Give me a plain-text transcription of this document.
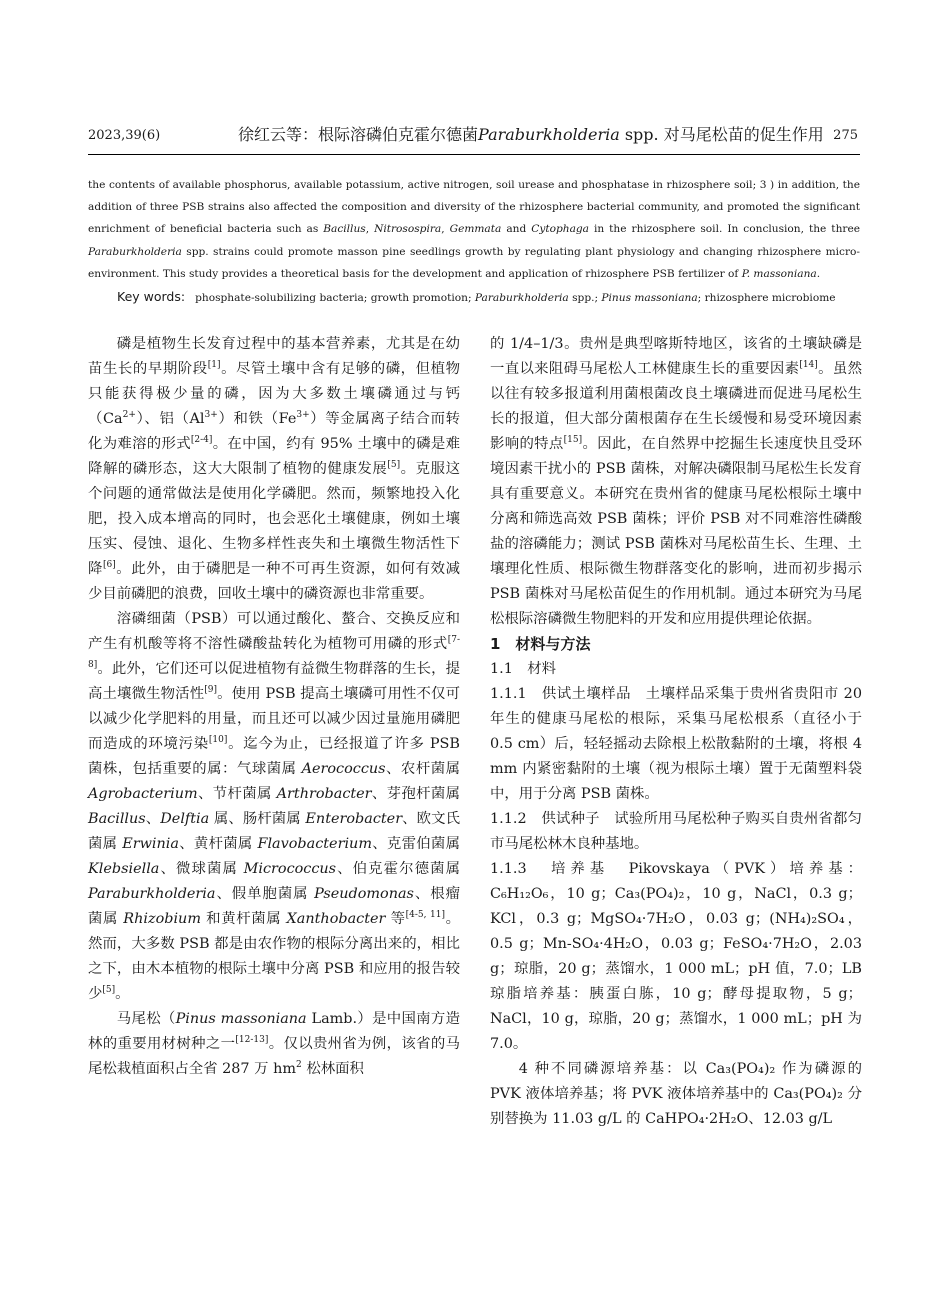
2023,39(6)	徐红云等：根际溶磷伯克霍尔德菌Paraburkholderia spp. 对马尾松苗的促生作用 275

the contents of available phosphorus, available potassium, active nitrogen, soil urease and phosphatase in rhizosphere soil; 3 ) in addition, the addition of three PSB strains also affected the composition and diversity of the rhizosphere bacterial community, and promoted the significant enrichment of beneficial bacteria such as Bacillus, Nitrosospira, Gemmata and Cytophaga in the rhizosphere soil. In conclusion, the three Paraburkholderia spp. strains could promote masson pine seedlings growth by regulating plant physiology and changing rhizosphere micro-environment. This study provides a theoretical basis for the development and application of rhizosphere PSB fertilizer of P. massoniana.

Key words: phosphate-solubilizing bacteria; growth promotion; Paraburkholderia spp.; Pinus massoniana; rhizosphere microbiome

磷是植物生长发育过程中的基本营养素，尤其是在幼苗生长的早期阶段[1]。尽管土壤中含有足够的磷，但植物只能获得极少量的磷，因为大多数土壤磷通过与钙$(Ca^{2+})$、铝$(Al^{3+})$和铁$(Fe^{3+})$等金属离子结合而转化为难溶的形式[2-4]。在中国，约有 95% 土壤中的磷是难降解的磷形态，这大大限制了植物的健康发展[5]。克服这个问题的通常做法是使用化学磷肥。然而，频繁地投入化肥，投入成本增高的同时，也会恶化土壤健康，例如土壤压实、侵蚀、退化、生物多样性丧失和土壤微生物活性下降[6]。此外，由于磷肥是一种不可再生资源，如何有效减少目前磷肥的浪费，回收土壤中的磷资源也非常重要。

溶磷细菌（PSB）可以通过酸化、螯合、交换反应和产生有机酸等将不溶性磷酸盐转化为植物可用磷的形式[7-8]。此外，它们还可以促进植物有益微生物群落的生长，提高土壤微生物活性[9]。使用 PSB 提高土壤磷可用性不仅可以减少化学肥料的用量，而且还可以减少因过量施用磷肥而造成的环境污染[10]。迄今为止，已经报道了许多 PSB 菌株，包括重要的属：气球菌属 Aerococcus、农杆菌属 Agrobacterium、节杆菌属 Arthrobacter、芽孢杆菌属 Bacillus、Delftia 属、肠杆菌属 Enterobacter、欧文氏菌属 Erwinia、黄杆菌属 Flavobacterium、克雷伯菌属 Klebsiella、微球菌属 Micrococcus、伯克霍尔德菌属 Paraburkholderia、假单胞菌属 Pseudomonas、根瘤菌属 Rhizobium 和黄杆菌属 Xanthobacter 等[4-5, 11]。然而，大多数 PSB 都是由农作物的根际分离出来的，相比之下，由木本植物的根际土壤中分离 PSB 和应用的报告较少[5]。

马尾松（Pinus massoniana Lamb.）是中国南方造林的重要用材树种之一[12-13]。仅以贵州省为例，该省的马尾松栽植面积占全省 287 万 $hm^2$ 松林面积

的 1/4–1/3。贵州是典型喀斯特地区，该省的土壤缺磷是一直以来阻碍马尾松人工林健康生长的重要因素[14]。虽然以往有较多报道利用菌根菌改良土壤磷进而促进马尾松生长的报道，但大部分菌根菌存在生长缓慢和易受环境因素影响的特点[15]。因此，在自然界中挖掘生长速度快且受环境因素干扰小的 PSB 菌株，对解决磷限制马尾松生长发育具有重要意义。本研究在贵州省的健康马尾松根际土壤中分离和筛选高效 PSB 菌株；评价 PSB 对不同难溶性磷酸盐的溶磷能力；测试 PSB 菌株对马尾松苗生长、生理、土壤理化性质、根际微生物群落变化的影响，进而初步揭示 PSB 菌株对马尾松苗促生的作用机制。通过本研究为马尾松根际溶磷微生物肥料的开发和应用提供理论依据。

1　材料与方法

1.1　材料

1.1.1　供试土壤样品　土壤样品采集于贵州省贵阳市 20 年生的健康马尾松的根际，采集马尾松根系（直径小于 0.5 cm）后，轻轻摇动去除根上松散黏附的土壤，将根 4 mm 内紧密黏附的土壤（视为根际土壤）置于无菌塑料袋中，用于分离 PSB 菌株。

1.1.2　供试种子　试验所用马尾松种子购买自贵州省都匀市马尾松林木良种基地。

1.1.3　培养基　Pikovskaya（PVK）培养基：C₆H₁₂O₆，10 g；Ca₃(PO₄)₂，10 g，NaCl，0.3 g；KCl，0.3 g；MgSO₄·7H₂O，0.03 g；(NH₄)₂SO₄，0.5 g；Mn-SO₄·4H₂O，0.03 g；FeSO₄·7H₂O，2.03 g；琼脂，20 g；蒸馏水，1 000 mL；pH 值，7.0；LB 琼脂培养基：胰蛋白胨，10 g；酵母提取物，5 g；NaCl，10 g，琼脂，20 g；蒸馏水，1 000 mL；pH 为 7.0。

4 种不同磷源培养基：以 Ca₃(PO₄)₂ 作为磷源的 PVK 液体培养基；将 PVK 液体培养基中的 Ca₃(PO₄)₂ 分别替换为 11.03 g/L 的 CaHPO₄·2H₂O、12.03 g/L
